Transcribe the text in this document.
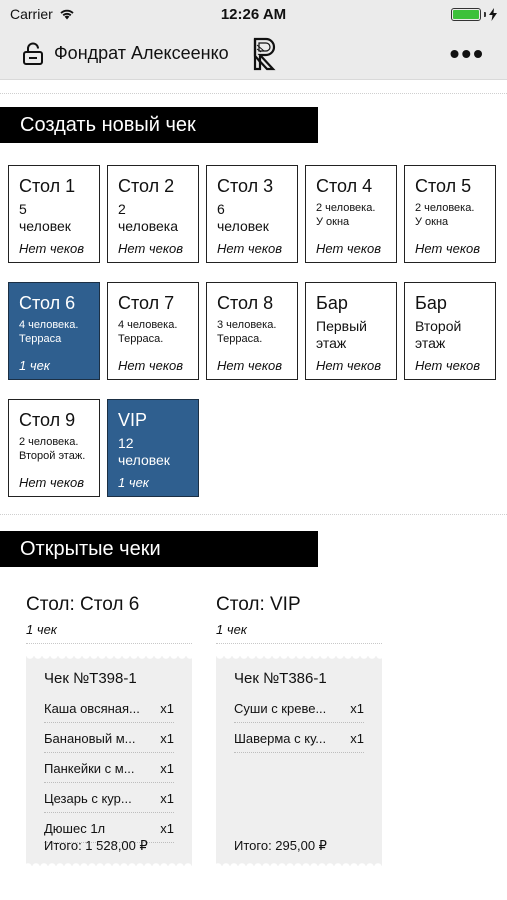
Carrier	12:26 AM
Фондрат Алексеенко	•••
Создать новый чек
Стол 1
5
человек
Нет чеков
Стол 2
2
человека
Нет чеков
Стол 3
6
человек
Нет чеков
Стол 4
2 человека.
У окна
Нет чеков
Стол 5
2 человека.
У окна
Нет чеков
Стол 6
4 человека.
Терраса
1 чек
Стол 7
4 человека.
Терраса.
Нет чеков
Стол 8
3 человека.
Терраса.
Нет чеков
Бар
Первый
этаж
Нет чеков
Бар
Второй
этаж
Нет чеков
Стол 9
2 человека.
Второй этаж.
Нет чеков
VIP
12
человек
1 чек
Открытые чеки
Стол: Стол 6
1 чек
Чек №T398-1
Каша овсяная...	x1
Банановый м...	x1
Панкейки с м...	x1
Цезарь с кур...	x1
Дюшес 1л	x1
Итого: 1 528,00 ₽
Стол: VIP
1 чек
Чек №T386-1
Суши с креве...	x1
Шаверма с ку...	x1
Итого: 295,00 ₽
